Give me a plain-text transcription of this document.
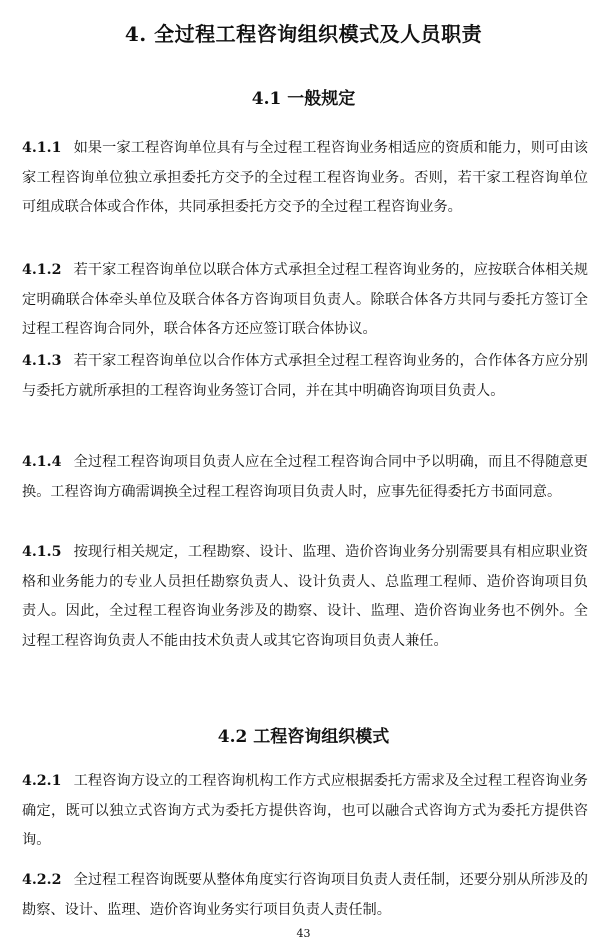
4. 全过程工程咨询组织模式及人员职责
4.1 一般规定
4.1.1 如果一家工程咨询单位具有与全过程工程咨询业务相适应的资质和能力，则可由该家工程咨询单位独立承担委托方交予的全过程工程咨询业务。否则，若干家工程咨询单位可组成联合体或合作体，共同承担委托方交予的全过程工程咨询业务。
4.1.2 若干家工程咨询单位以联合体方式承担全过程工程咨询业务的，应按联合体相关规定明确联合体牵头单位及联合体各方咨询项目负责人。除联合体各方共同与委托方签订全过程工程咨询合同外，联合体各方还应签订联合体协议。
4.1.3 若干家工程咨询单位以合作体方式承担全过程工程咨询业务的，合作体各方应分别与委托方就所承担的工程咨询业务签订合同，并在其中明确咨询项目负责人。
4.1.4 全过程工程咨询项目负责人应在全过程工程咨询合同中予以明确，而且不得随意更换。工程咨询方确需调换全过程工程咨询项目负责人时，应事先征得委托方书面同意。
4.1.5 按现行相关规定，工程勘察、设计、监理、造价咨询业务分别需要具有相应职业资格和业务能力的专业人员担任勘察负责人、设计负责人、总监理工程师、造价咨询项目负责人。因此，全过程工程咨询业务涉及的勘察、设计、监理、造价咨询业务也不例外。全过程工程咨询负责人不能由技术负责人或其它咨询项目负责人兼任。
4.2 工程咨询组织模式
4.2.1 工程咨询方设立的工程咨询机构工作方式应根据委托方需求及全过程工程咨询业务确定，既可以独立式咨询方式为委托方提供咨询，也可以融合式咨询方式为委托方提供咨询。
4.2.2 全过程工程咨询既要从整体角度实行咨询项目负责人责任制，还要分别从所涉及的勘察、设计、监理、造价咨询业务实行项目负责人责任制。
43
